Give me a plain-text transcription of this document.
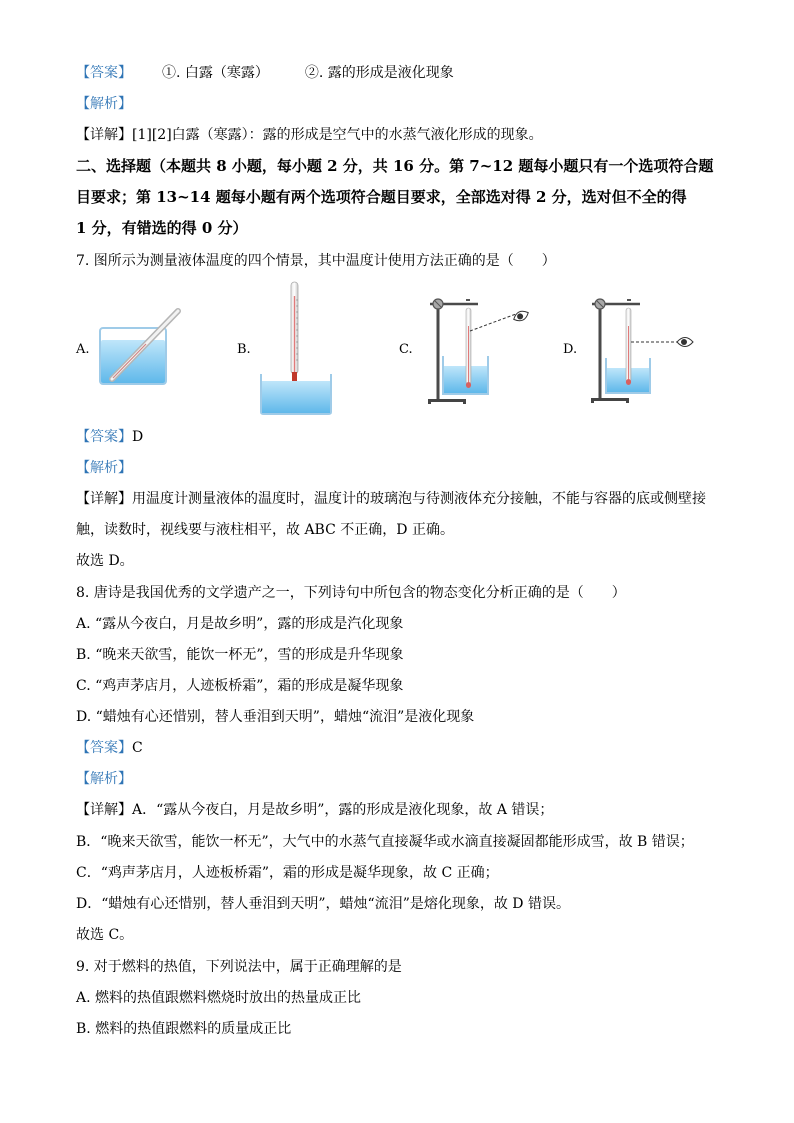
【答案】 ①. 白露（寒露）	②. 露的形成是液化现象
【解析】
【详解】[1][2]白露（寒露）：露的形成是空气中的水蒸气液化形成的现象。
二、选择题（本题共 8 小题，每小题 2 分，共 16 分。第 7~12 题每小题只有一个选项符合题
目要求；第 13~14 题每小题有两个选项符合题目要求，全部选对得 2 分，选对但不全的得
1 分，有错选的得 0 分）
7. 图所示为测量液体温度的四个情景，其中温度计使用方法正确的是（　　）
A.	B.	C.	D.
【答案】D
【解析】
【详解】用温度计测量液体的温度时，温度计的玻璃泡与待测液体充分接触，不能与容器的底或侧壁接
触，读数时，视线要与液柱相平，故 ABC 不正确，D 正确。
故选 D。
8. 唐诗是我国优秀的文学遗产之一，下列诗句中所包含的物态变化分析正确的是（　　）
A. “露从今夜白，月是故乡明”，露的形成是汽化现象
B. “晚来天欲雪，能饮一杯无”，雪的形成是升华现象
C. “鸡声茅店月，人迹板桥霜”，霜的形成是凝华现象
D. “蜡烛有心还惜别，替人垂泪到天明”，蜡烛“流泪”是液化现象
【答案】C
【解析】
【详解】A．“露从今夜白，月是故乡明”，露的形成是液化现象，故 A 错误；
B．“晚来天欲雪，能饮一杯无”，大气中的水蒸气直接凝华或水滴直接凝固都能形成雪，故 B 错误；
C．“鸡声茅店月，人迹板桥霜”，霜的形成是凝华现象，故 C 正确；
D．“蜡烛有心还惜别，替人垂泪到天明”，蜡烛“流泪”是熔化现象，故 D 错误。
故选 C。
9. 对于燃料的热值，下列说法中，属于正确理解的是
A. 燃料的热值跟燃料燃烧时放出的热量成正比
B. 燃料的热值跟燃料的质量成正比
